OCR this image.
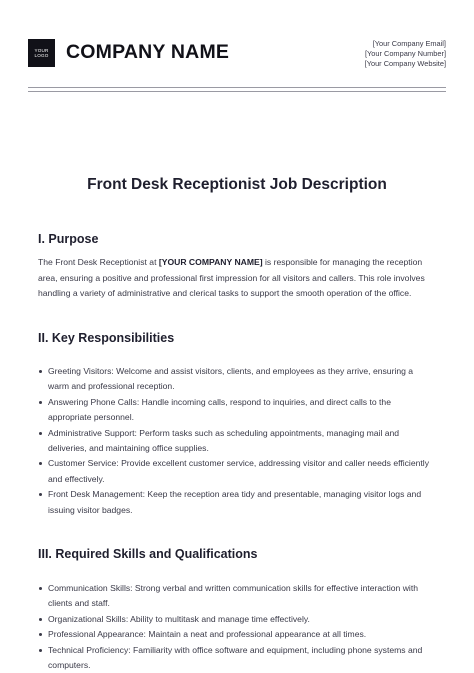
YOUR
LOGO COMPANY NAME	[Your Company Email]
[Your Company Number]
[Your Company Website]
Front Desk Receptionist Job Description
I. Purpose
The Front Desk Receptionist at [YOUR COMPANY NAME] is responsible for managing the reception area, ensuring a positive and professional first impression for all visitors and callers. This role involves handling a variety of administrative and clerical tasks to support the smooth operation of the office.
II. Key Responsibilities
Greeting Visitors: Welcome and assist visitors, clients, and employees as they arrive, ensuring a warm and professional reception.
Answering Phone Calls: Handle incoming calls, respond to inquiries, and direct calls to the appropriate personnel.
Administrative Support: Perform tasks such as scheduling appointments, managing mail and deliveries, and maintaining office supplies.
Customer Service: Provide excellent customer service, addressing visitor and caller needs efficiently and effectively.
Front Desk Management: Keep the reception area tidy and presentable, managing visitor logs and issuing visitor badges.
III. Required Skills and Qualifications
Communication Skills: Strong verbal and written communication skills for effective interaction with clients and staff.
Organizational Skills: Ability to multitask and manage time effectively.
Professional Appearance: Maintain a neat and professional appearance at all times.
Technical Proficiency: Familiarity with office software and equipment, including phone systems and computers.
